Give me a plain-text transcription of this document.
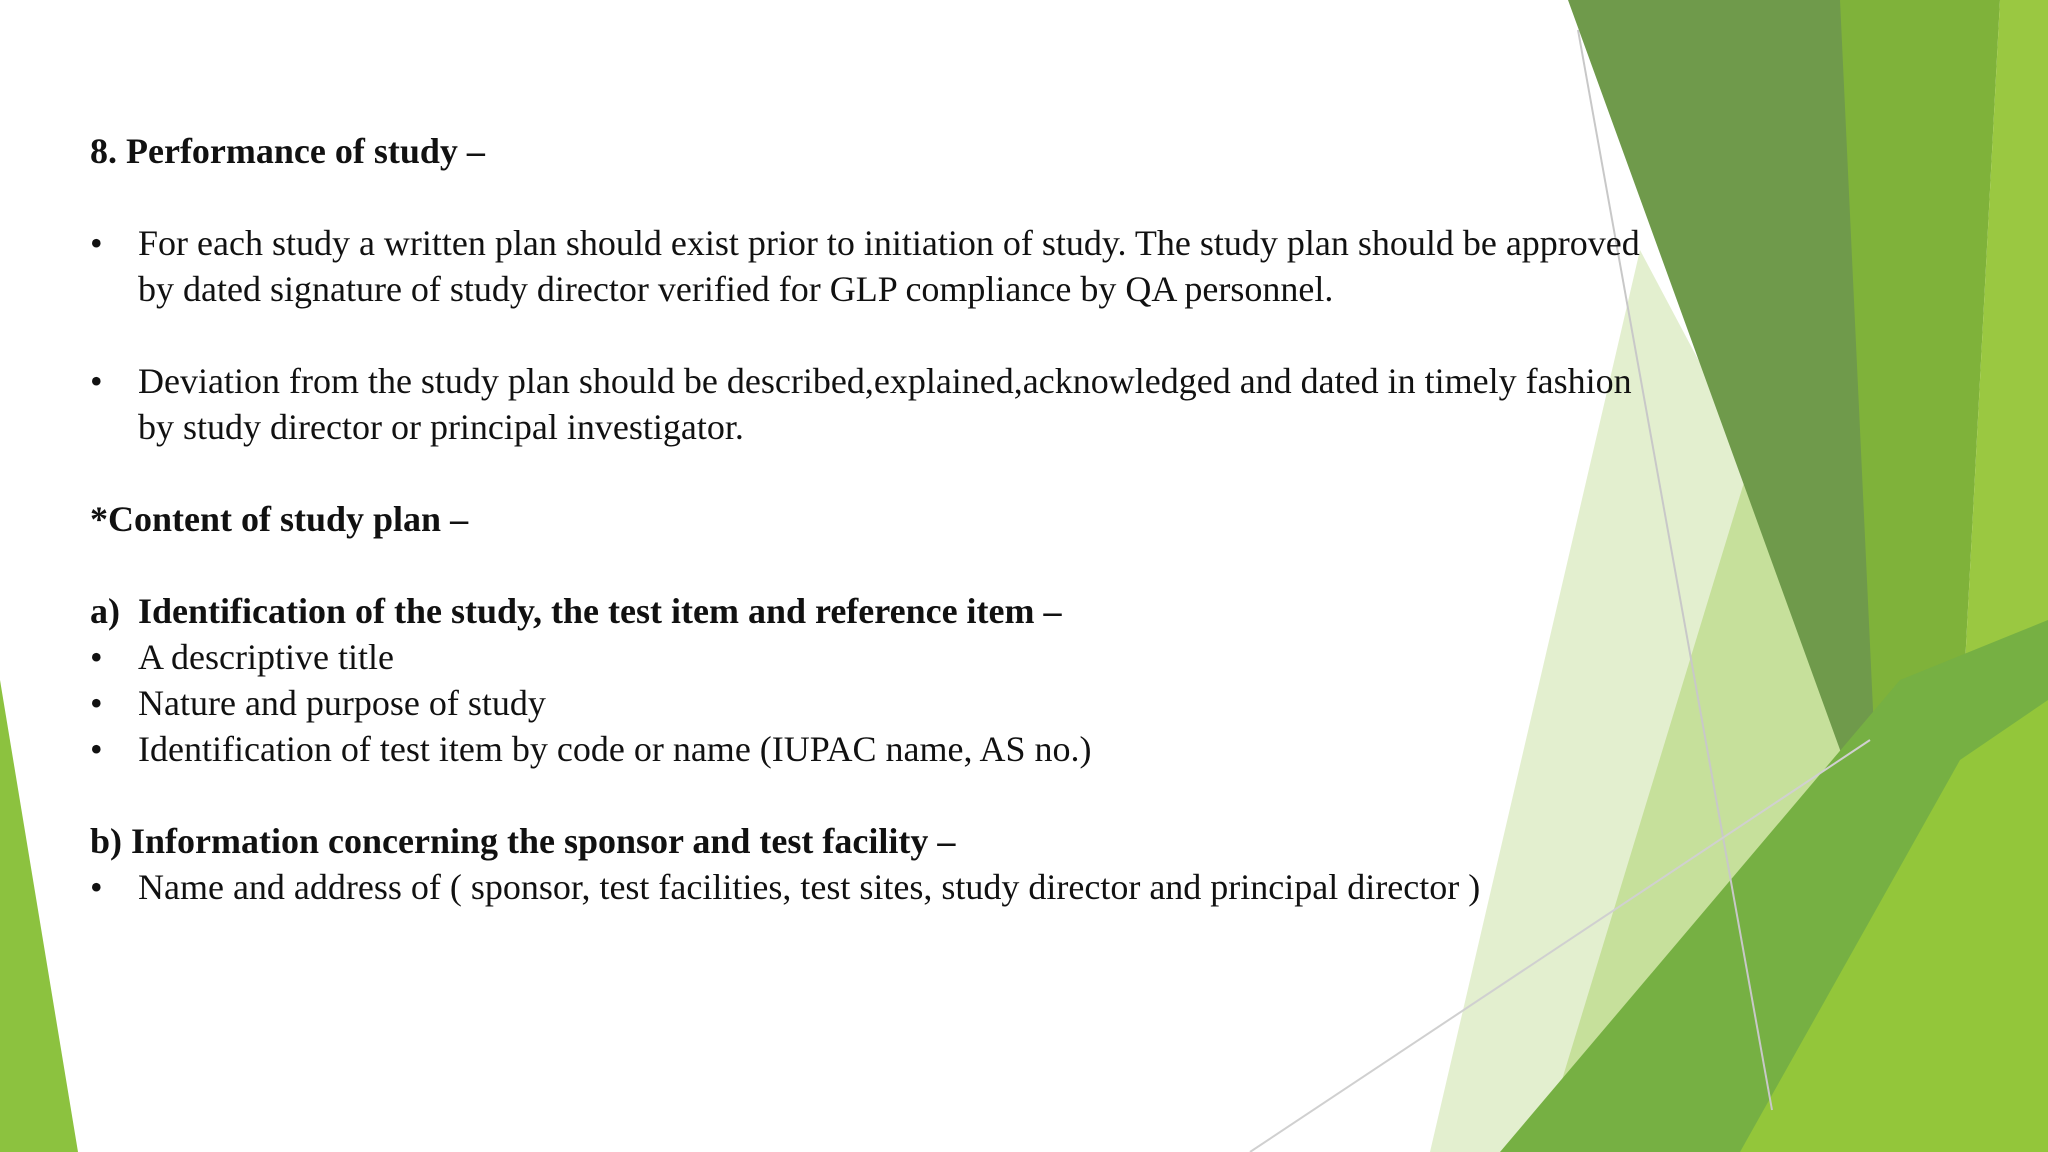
8. Performance of study –

• For each study a written plan should exist prior to initiation of study. The study plan should be approved by dated signature of study director verified for GLP compliance by QA personnel.

• Deviation from the study plan should be described,explained,acknowledged and dated in timely fashion by study director or principal investigator.

*Content of study plan –

a) Identification of the study, the test item and reference item –

• A descriptive title

• Nature and purpose of study

• Identification of test item by code or name (IUPAC name, AS no.)

b) Information concerning the sponsor and test facility –

• Name and address of ( sponsor, test facilities, test sites, study director and principal director )
